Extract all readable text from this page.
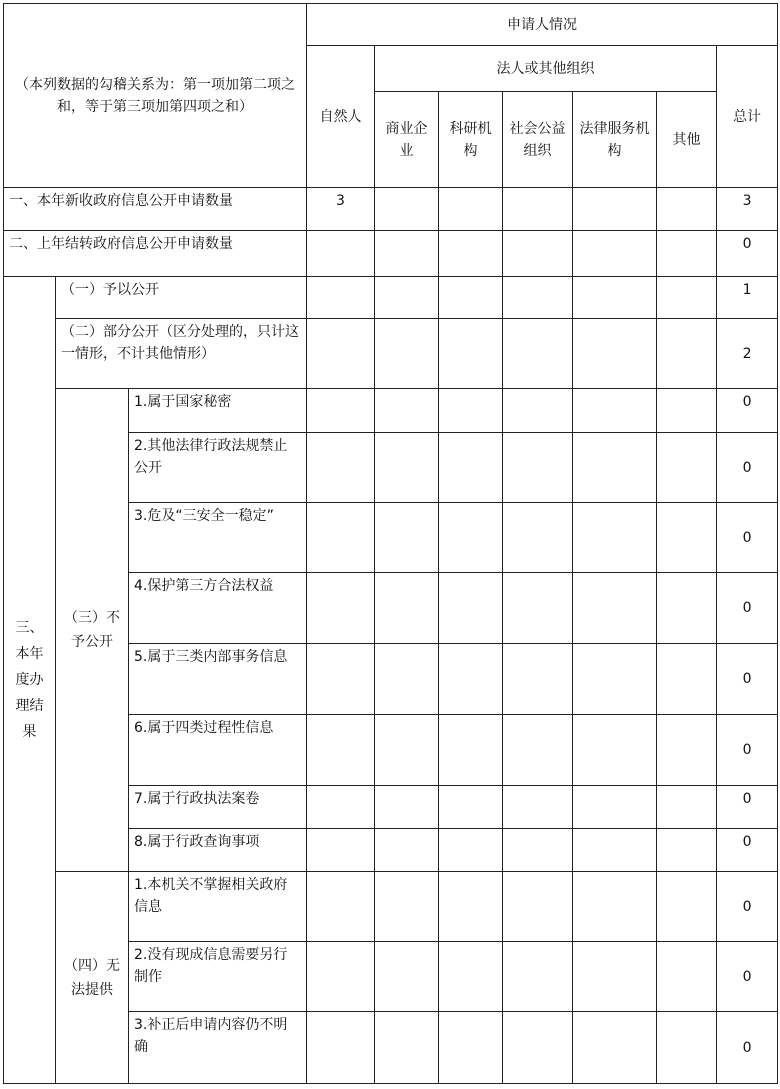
（本列数据的勾稽关系为：第一项加第二项之和，等于第三项加第四项之和）			申请人情况						
			自然人	法人或其他组织					总计
				商业企业	科研机构	社会公益组织	法律服务机构	其他	
一、本年新收政府信息公开申请数量			3						3
二、上年结转政府信息公开申请数量									0
三、本年度办理结果	（一）予以公开								1
	（二）部分公开（区分处理的，只计这一情形，不计其他情形）								2
	（三）不予公开	1.属于国家秘密							0
		2.其他法律行政法规禁止公开							0
		3.危及“三安全一稳定”							0
		4.保护第三方合法权益							0
		5.属于三类内部事务信息							0
		6.属于四类过程性信息							0
		7.属于行政执法案卷							0
		8.属于行政查询事项							0
	（四）无法提供	1.本机关不掌握相关政府信息							0
		2.没有现成信息需要另行制作							0
		3.补正后申请内容仍不明确							0
